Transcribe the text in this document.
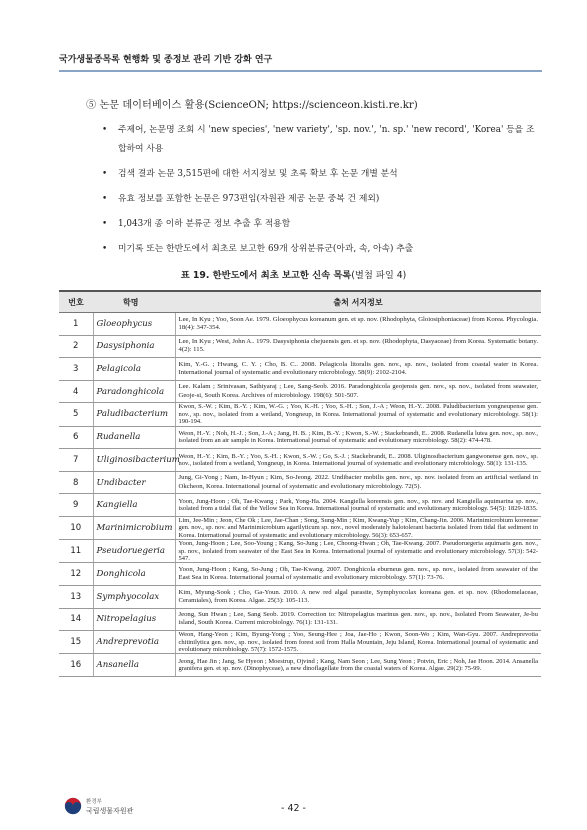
국가생물종목록 현행화 및 종정보 관리 기반 강화 연구
⑤ 논문 데이터베이스 활용(ScienceON; https://scienceon.kisti.re.kr)
• 주제어, 논문명 조회 시 'new species', 'new variety', 'sp. nov.', 'n. sp.' 'new record', 'Korea' 등을 조합하여 사용
• 검색 결과 논문 3,515편에 대한 서지정보 및 초록 확보 후 논문 개별 분석
• 유효 정보를 포함한 논문은 973편임(자원관 제공 논문 중복 건 제외)
• 1,043개 종 이하 분류군 정보 추출 후 적용함
• 미기록 또는 한반도에서 최초로 보고한 69개 상위분류군(아과, 속, 아속) 추출
표 19. 한반도에서 최초 보고한 신속 목록(별첨 파일 4)
번호	학명	출처 서지정보
1	Gloeophycus	Lee, In Kyu ; Yoo, Soon Ae. 1979. Gloeophycus koreanum gen. et sp. nov. (Rhodophyta, Gloiosiphoniaceae) from Korea. Phycologia. 18(4): 347-354.
2	Dasysiphonia	Lee, In Kyu ; West, John A.. 1979. Dasysiphonia chejuensis gen. et sp. nov. (Rhodophyta, Dasyaceae) from Korea. Systematic botany. 4(2): 115.
3	Pelagicola	Kim, Y.-G. ; Hwang, C. Y. ; Cho, B. C.. 2008. Pelagicola litoralis gen. nov., sp. nov., isolated from coastal water in Korea. International journal of systematic and evolutionary microbiology. 58(9): 2102-2104.
4	Paradonghicola	Lee. Kalam ; Srinivasan, Sathiyaraj ; Lee, Sang-Seob. 2016. Paradonghicola geojensis gen. nov., sp. nov., isolated from seawater, Geoje-si, South Korea. Archives of microbiology. 198(6): 501-507.
5	Paludibacterium	Kwon, S.-W. ; Kim, B.-Y. ; Kim, W.-G. ; Yoo, K.-H. ; Yoo, S.-H. ; Son, J.-A ; Weon, H.-Y.. 2008. Paludibacterium yongneupense gen. nov., sp. nov., isolated from a wetland, Yongneup, in Korea. International journal of systematic and evolutionary microbiology. 58(1): 190-194.
6	Rudanella	Weon, H.-Y. ; Noh, H.-J. ; Son, J.-A ; Jang, H. B. ; Kim, B.-Y. ; Kwon, S.-W. ; Stackebrandt, E.. 2008. Rudanella lutea gen. nov., sp. nov., isolated from an air sample in Korea. International journal of systematic and evolutionary microbiology. 58(2): 474-478.
7	Uliginosibacterium	Weon, H.-Y. ; Kim, B.-Y. ; Yoo, S.-H. ; Kwon, S.-W. ; Go, S.-J. ; Stackebrandt, E.. 2008. Uliginosibacterium gangwonense gen. nov., sp. nov., isolated from a wetland, Yongneup, in Korea. International journal of systematic and evolutionary microbiology. 58(1): 131-135.
8	Undibacter	Jung, Gi-Yong ; Nam, In-Hyun ; Kim, So-Jeong. 2022. Undibacter mobilis gen. nov., sp. nov. isolated from an artificial wetland in Okcheon, Korea. International journal of systematic and evolutionary microbiology. 72(5).
9	Kangiella	Yoon, Jung-Hoon ; Oh, Tae-Kwang ; Park, Yong-Ha. 2004. Kangiella koreensis gen. nov., sp. nov. and Kangiella aquimarina sp. nov., isolated from a tidal flat of the Yellow Sea in Korea. International journal of systematic and evolutionary microbiology. 54(5): 1829-1835.
10	Marinimicrobium	Lim, Jee-Min ; Jeon, Che Ok ; Lee, Jae-Chan ; Song, Sung-Min ; Kim, Kwang-Yup ; Kim, Chang-Jin. 2006. Marinimicrobium koreense gen. nov., sp. nov. and Marinimicrobium agarilyticum sp. nov., novel moderately halotolerant bacteria isolated from tidal flat sediment in Korea. International journal of systematic and evolutionary microbiology. 56(3): 653-657.
11	Pseudoruegeria	Yoon, Jung-Hoon ; Lee, Soo-Young ; Kang, So-Jung ; Lee, Choong-Hwan ; Oh, Tae-Kwang. 2007. Pseudoruegeria aquimaris gen. nov., sp. nov., isolated from seawater of the East Sea in Korea. International journal of systematic and evolutionary microbiology. 57(3): 542-547.
12	Donghicola	Yoon, Jung-Hoon ; Kang, So-Jung ; Oh, Tae-Kwang. 2007. Donghicola eburneus gen. nov., sp. nov., isolated from seawater of the East Sea in Korea. International journal of systematic and evolutionary microbiology. 57(1): 73-76.
13	Symphyocolax	Kim, Myung-Sook ; Cho, Ga-Youn. 2010. A new red algal parasite, Symphyocolax koreana gen. et sp. nov. (Rhodomelaceae, Ceramiales), from Korea. Algae. 25(3): 105-113.
14	Nitropelagius	Jeong, Sun Hwan ; Lee, Sang Seob. 2019. Correction to: Nitropelagius marinus gen. nov., sp. nov., Isolated From Seawater, Je-bu island, South Korea. Current microbiology. 76(1): 131-131.
15	Andreprevotia	Weon, Hang-Yeon ; Kim, Byung-Yong ; Yoo, Seung-Hee ; Joa, Jae-Ho ; Kwon, Soon-Wo ; Kim, Wan-Gyu. 2007. Andreprevotia chitinilytica gen. nov., sp. nov., isolated from forest soil from Halla Mountain, Jeju Island, Korea. International journal of systematic and evolutionary microbiology. 57(7): 1572-1575.
16	Ansanella	Jeong, Hae Jin ; Jang, Se Hyeon ; Moestrup, Ojvind ; Kang, Nam Seon ; Lee, Sung Yeon ; Potvin, Eric ; Noh, Jae Hoon. 2014. Ansanella granifera gen. et sp. nov. (Dinophyceae), a new dinoflagellate from the coastal waters of Korea. Algae. 29(2): 75-99.
환경부
국립생물자원관	- 42 -
